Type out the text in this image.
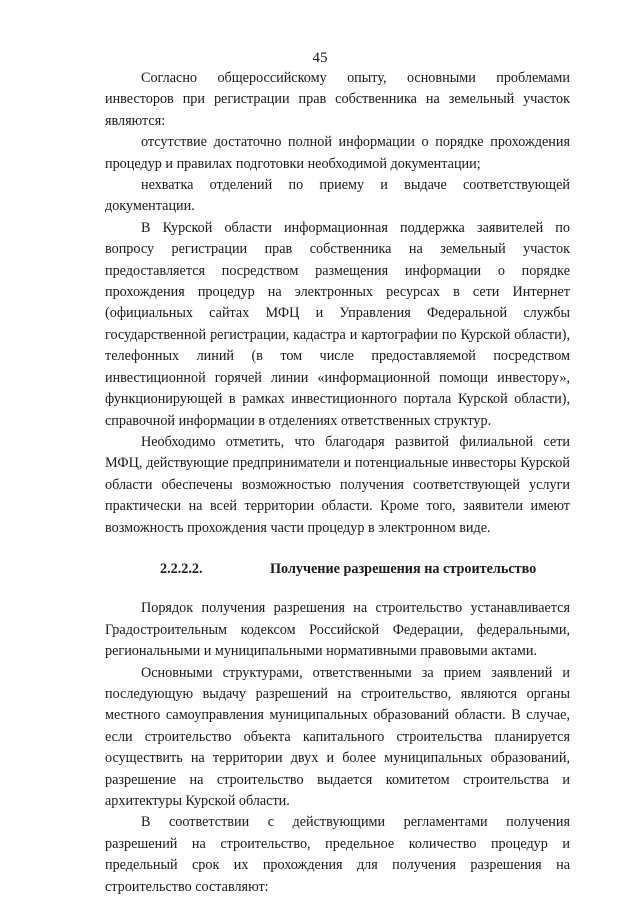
45

Согласно общероссийскому опыту, основными проблемами инвесторов при регистрации прав собственника на земельный участок являются:

отсутствие достаточно полной информации о порядке прохождения процедур и правилах подготовки необходимой документации;

нехватка отделений по приему и выдаче соответствующей документации.

В Курской области информационная поддержка заявителей по вопросу регистрации прав собственника на земельный участок предоставляется посредством размещения информации о порядке прохождения процедур на электронных ресурсах в сети Интернет (официальных сайтах МФЦ и Управления Федеральной службы государственной регистрации, кадастра и картографии по Курской области), телефонных линий (в том числе предоставляемой посредством инвестиционной горячей линии «информационной помощи инвестору», функционирующей в рамках инвестиционного портала Курской области), справочной информации в отделениях ответственных структур.

Необходимо отметить, что благодаря развитой филиальной сети МФЦ, действующие предприниматели и потенциальные инвесторы Курской области обеспечены возможностью получения соответствующей услуги практически на всей территории области. Кроме того, заявители имеют возможность прохождения части процедур в электронном виде.

2.2.2.2.	Получение разрешения на строительство

Порядок получения разрешения на строительство устанавливается Градостроительным кодексом Российской Федерации, федеральными, региональными и муниципальными нормативными правовыми актами.

Основными структурами, ответственными за прием заявлений и последующую выдачу разрешений на строительство, являются органы местного самоуправления муниципальных образований области. В случае, если строительство объекта капитального строительства планируется осуществить на территории двух и более муниципальных образований, разрешение на строительство выдается комитетом строительства и архитектуры Курской области.

В соответствии с действующими регламентами получения разрешений на строительство, предельное количество процедур и предельный срок их прохождения для получения разрешения на строительство составляют:
